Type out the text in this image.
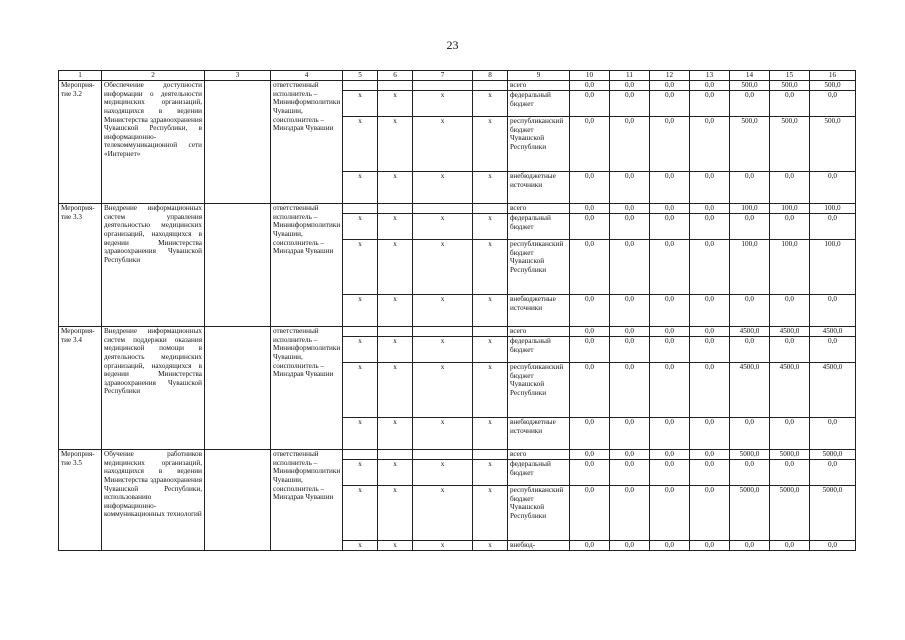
23
1	2	3	4	5	6	7	8	9	10	11	12	13	14	15	16
Мероприя-тие 3.2	Обеспечение доступности информации о деятельности медицинских организаций, находящихся в ведении Министерства здравоохранения Чувашской Республики, в информационно-телекоммуникационной сети «Интернет»		ответственный исполнитель – Мининформполитики Чувашии, соисполнитель – Минздрав Чувашии					всего	0,0	0,0	0,0	0,0	500,0	500,0	500,0
				x	x	x	x	федеральный бюджет	0,0	0,0	0,0	0,0	0,0	0,0	0,0
				x	x	x	x	республиканский бюджет Чувашской Республики	0,0	0,0	0,0	0,0	500,0	500,0	500,0
				x	x	x	x	внебюджетные источники	0,0	0,0	0,0	0,0	0,0	0,0	0,0
Мероприя-тие 3.3	Внедрение информационных систем управления деятельностью медицинских организаций, находящихся в ведении Министерства здравоохранения Чувашской Республики		ответственный исполнитель – Мининформполитики Чувашии, соисполнитель – Минздрав Чувашии					всего	0,0	0,0	0,0	0,0	100,0	100,0	100,0
				x	x	x	x	федеральный бюджет	0,0	0,0	0,0	0,0	0,0	0,0	0,0
				x	x	x	x	республиканский бюджет Чувашской Республики	0,0	0,0	0,0	0,0	100,0	100,0	100,0
				x	x	x	x	внебюджетные источники	0,0	0,0	0,0	0,0	0,0	0,0	0,0
Мероприя-тие 3.4	Внедрение информационных систем поддержки оказания медицинской помощи в деятельность медицинских организаций, находящихся в ведении Министерства здравоохранения Чувашской Республики		ответственный исполнитель – Мининформполитики Чувашии, соисполнитель – Минздрав Чувашии					всего	0,0	0,0	0,0	0,0	4500,0	4500,0	4500,0
				x	x	x	x	федеральный бюджет	0,0	0,0	0,0	0,0	0,0	0,0	0,0
				x	x	x	x	республиканский бюджет Чувашской Республики	0,0	0,0	0,0	0,0	4500,0	4500,0	4500,0
				x	x	x	x	внебюджетные источники	0,0	0,0	0,0	0,0	0,0	0,0	0,0
Мероприя-тие 3.5	Обучение работников медицинских организаций, находящихся в ведении Министерства здравоохранения Чувашской Республики, использованию информационно-коммуникационных технологий		ответственный исполнитель – Мининформполитики Чувашии, соисполнитель – Минздрав Чувашии					всего	0,0	0,0	0,0	0,0	5000,0	5000,0	5000,0
				x	x	x	x	федеральный бюджет	0,0	0,0	0,0	0,0	0,0	0,0	0,0
				x	x	x	x	республиканский бюджет Чувашской Республики	0,0	0,0	0,0	0,0	5000,0	5000,0	5000,0
				x	x	x	x	внебюд-	0,0	0,0	0,0	0,0	0,0	0,0	0,0
